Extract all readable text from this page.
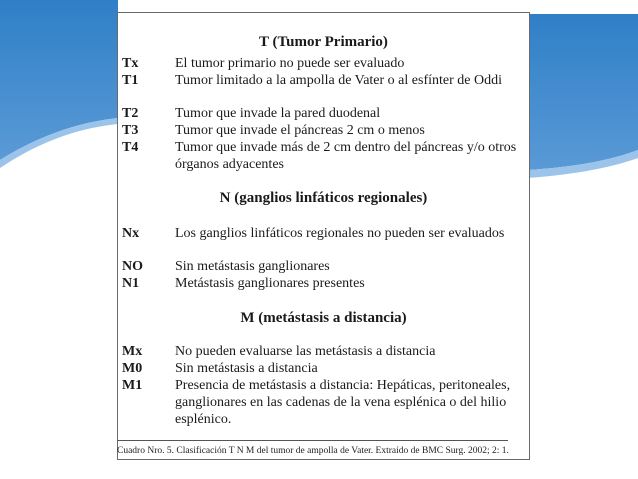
T (Tumor Primario)
Tx	El tumor primario no puede ser evaluado
T1	Tumor limitado a la ampolla de Vater o al esfínter de Oddi
T2	Tumor que invade la pared duodenal
T3	Tumor que invade el páncreas 2 cm o menos
T4	Tumor que invade más de 2 cm dentro del páncreas y/o otros órganos adyacentes
N (ganglios linfáticos regionales)
Nx	Los ganglios linfáticos regionales no pueden ser evaluados
NO	Sin metástasis ganglionares
N1	Metástasis ganglionares presentes
M (metástasis a distancia)
Mx	No pueden evaluarse las metástasis a distancia
M0	Sin metástasis a distancia
M1	Presencia de metástasis a distancia: Hepáticas, peritoneales, ganglionares en las cadenas de la vena esplénica o del hilio esplénico.
Cuadro Nro. 5. Clasificación T N M del tumor de ampolla de Vater. Extraído de BMC Surg. 2002; 2: 1.
